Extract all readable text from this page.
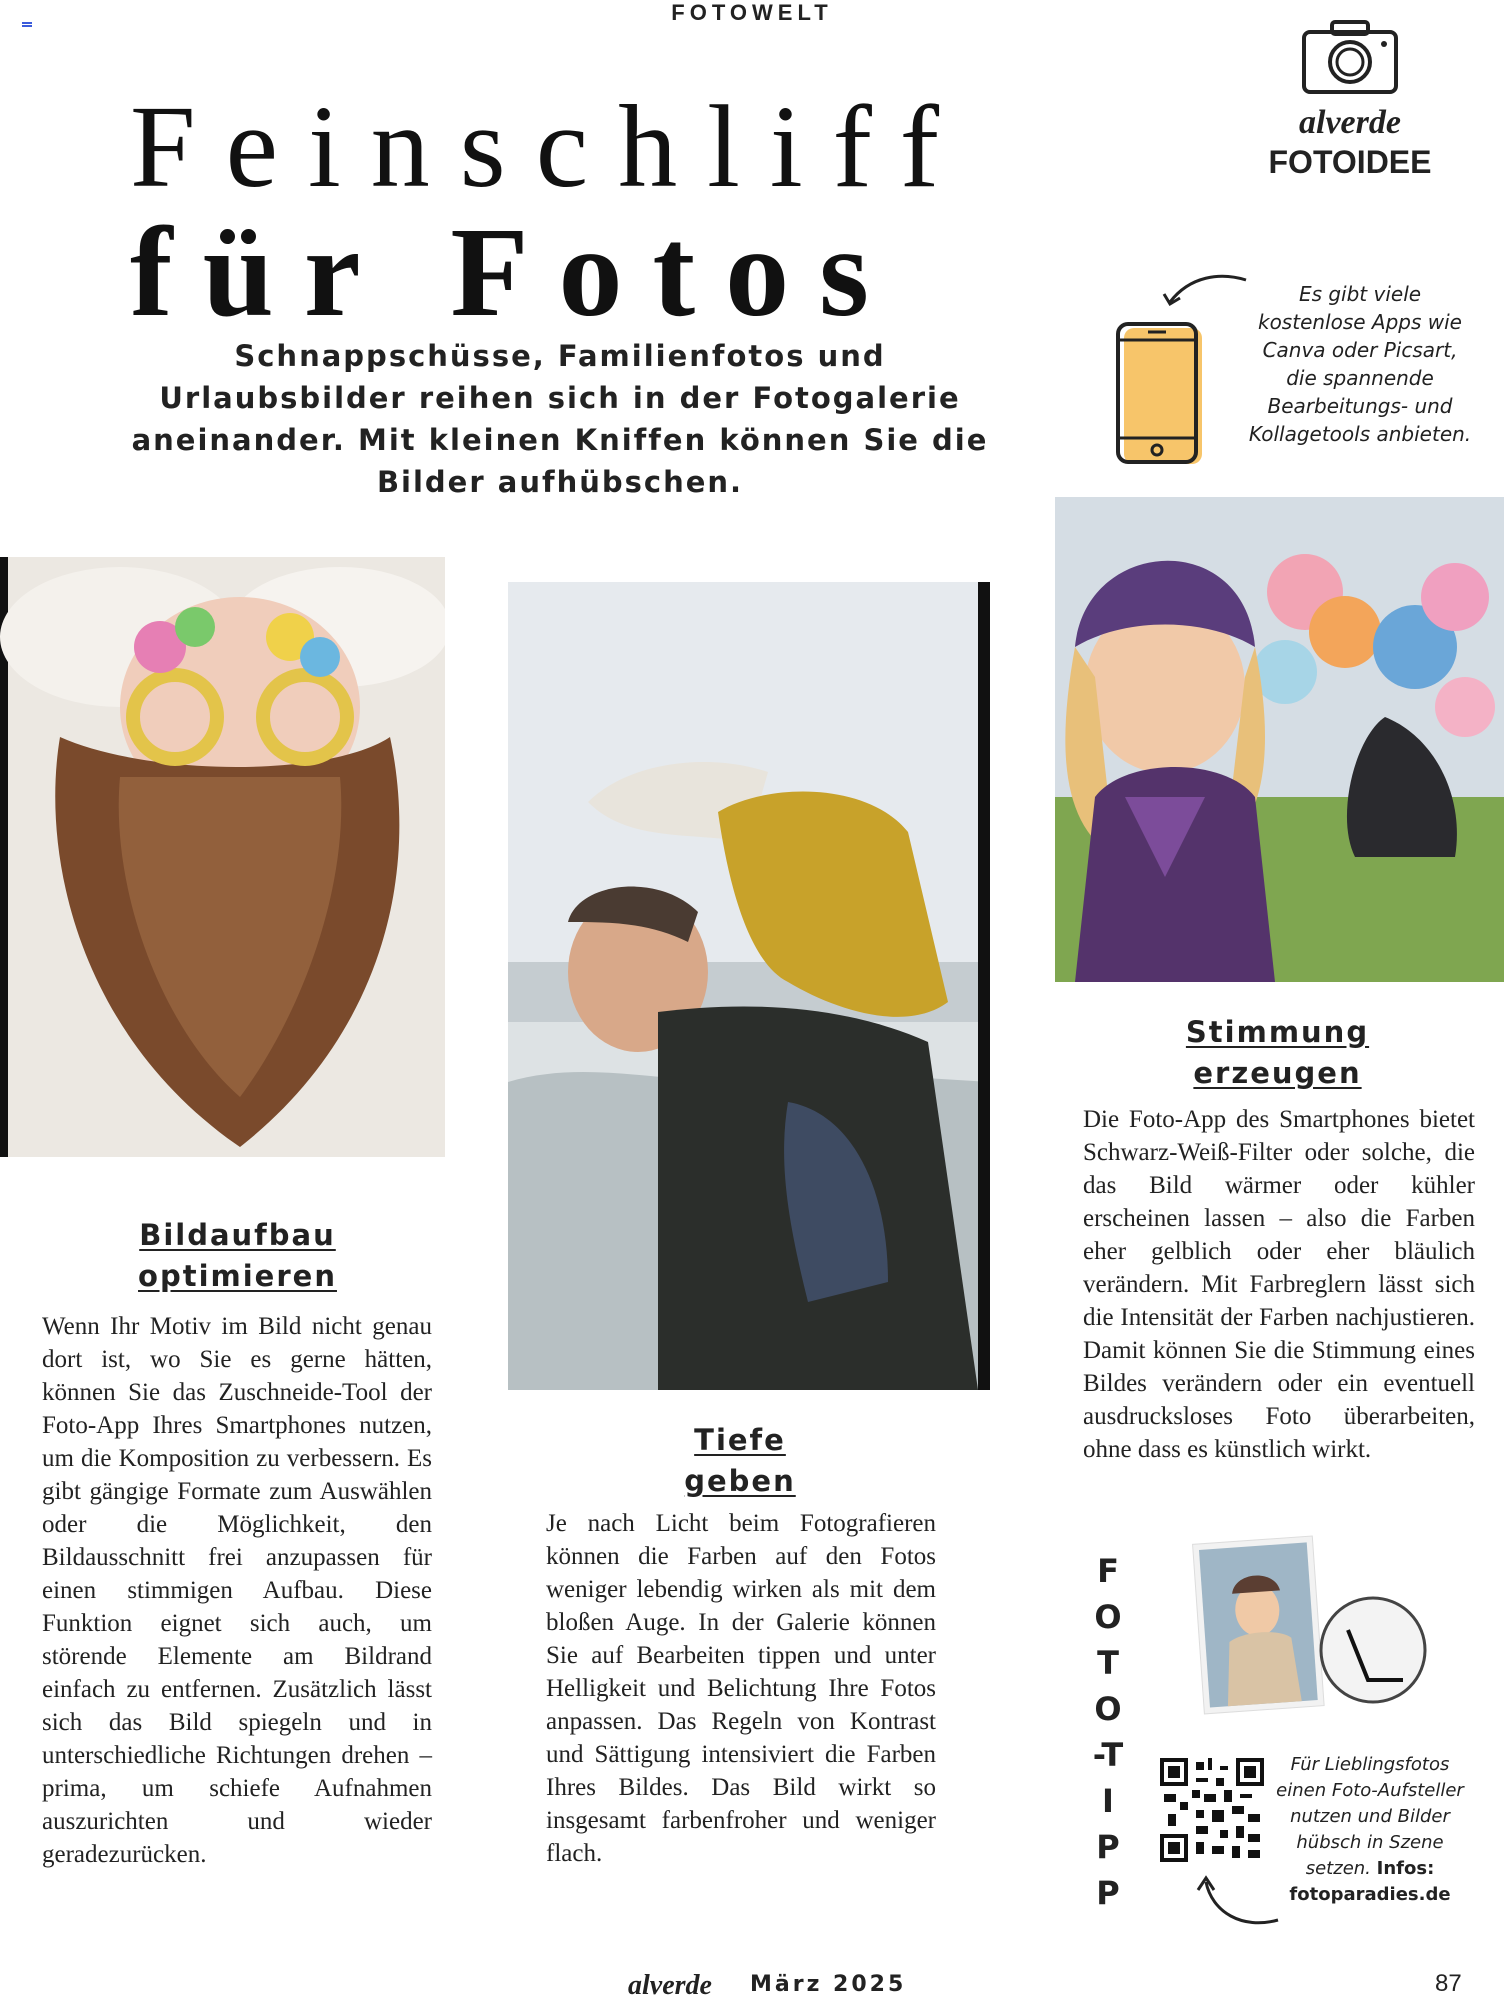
FOTOWELT
Feinschliff
für Fotos
Schnappschüsse, Familienfotos und Urlaubsbilder reihen sich in der Fotogalerie aneinander. Mit kleinen Kniffen können Sie die Bilder aufhübschen.
alverde
FOTOIDEE
Es gibt viele kostenlose Apps wie Canva oder Picsart, die spannende Bearbeitungs- und Kollagetools anbieten.
Bildaufbau
optimieren
Wenn Ihr Motiv im Bild nicht genau dort ist, wo Sie es gerne hätten, können Sie das Zuschneide-Tool der Foto-App Ihres Smartphones nutzen, um die Komposition zu verbessern. Es gibt gängige Formate zum Auswählen oder die Möglichkeit, den Bildausschnitt frei anzupassen für einen stimmigen Aufbau. Diese Funktion eignet sich auch, um störende Elemente am Bildrand einfach zu entfernen. Zusätzlich lässt sich das Bild spiegeln und in unterschiedliche Richtungen drehen – prima, um schiefe Aufnahmen auszurichten und wieder geradezurücken.
Tiefe
geben
Je nach Licht beim Fotografieren können die Farben auf den Fotos weniger lebendig wirken als mit dem bloßen Auge. In der Galerie können Sie auf Bearbeiten tippen und unter Helligkeit und Belichtung Ihre Fotos anpassen. Das Regeln von Kontrast und Sättigung intensiviert die Farben Ihres Bildes. Das Bild wirkt so insgesamt farbenfroher und weniger flach.
Stimmung
erzeugen
Die Foto-App des Smartphones bietet Schwarz-Weiß-Filter oder solche, die das Bild wärmer oder kühler erscheinen lassen – also die Farben eher gelblich oder eher bläulich verändern. Mit Farbreglern lässt sich die Intensität der Farben nachjustieren. Damit können Sie die Stimmung eines Bildes verändern oder ein eventuell ausdrucksloses Foto überarbeiten, ohne dass es künstlich wirkt.
FOTO-TIPP
Für Lieblingsfotos einen Foto-Aufsteller nutzen und Bilder hübsch in Szene setzen. Infos: fotoparadies.de
alverde März 2025	87
